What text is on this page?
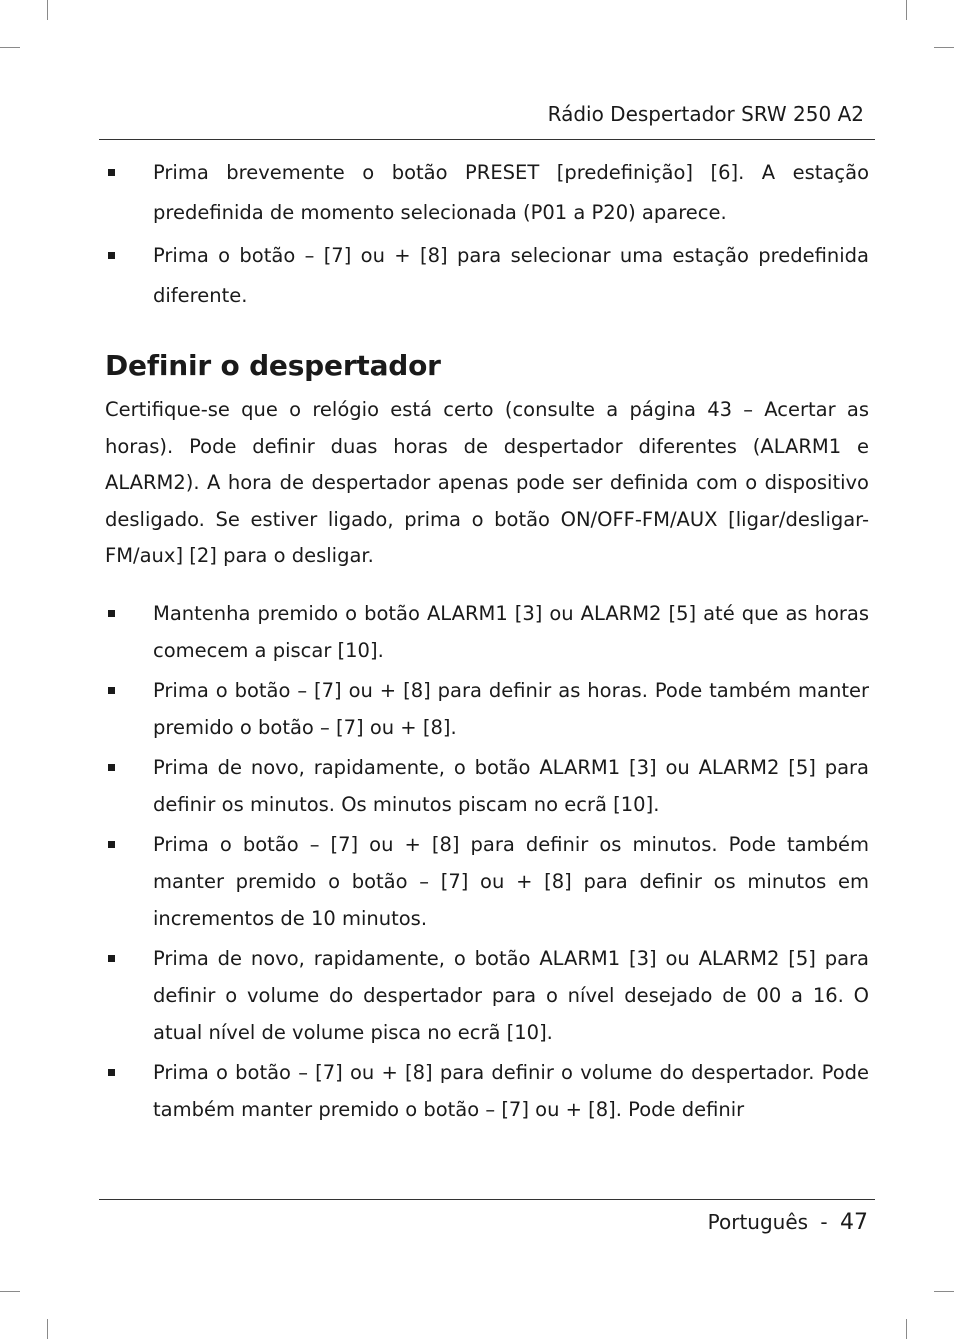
Rádio Despertador SRW 250 A2
Prima brevemente o botão PRESET [predefinição] [6]. A estação predefinida de momento selecionada (P01 a P20) aparece.
Prima o botão – [7] ou + [8] para selecionar uma estação predefinida diferente.
Definir o despertador

Certifique-se que o relógio está certo (consulte a página 43 – Acertar as horas). Pode definir duas horas de despertador diferentes (ALARM1 e ALARM2). A hora de despertador apenas pode ser definida com o dispositivo desligado. Se estiver ligado, prima o botão ON/OFF-FM/AUX [ligar/desligar-FM/aux] [2] para o desligar.

Mantenha premido o botão ALARM1 [3] ou ALARM2 [5] até que as horas comecem a piscar [10].
Prima o botão – [7] ou + [8] para definir as horas. Pode também manter premido o botão – [7] ou + [8].
Prima de novo, rapidamente, o botão ALARM1 [3] ou ALARM2 [5] para definir os minutos. Os minutos piscam no ecrã [10].
Prima o botão – [7] ou + [8] para definir os minutos. Pode também manter premido o botão – [7] ou + [8] para definir os minutos em incrementos de 10 minutos.
Prima de novo, rapidamente, o botão ALARM1 [3] ou ALARM2 [5] para definir o volume do despertador para o nível desejado de 00 a 16. O atual nível de volume pisca no ecrã [10].
Prima o botão – [7] ou + [8] para definir o volume do despertador. Pode também manter premido o botão – [7] ou + [8]. Pode definir
Português - 47
